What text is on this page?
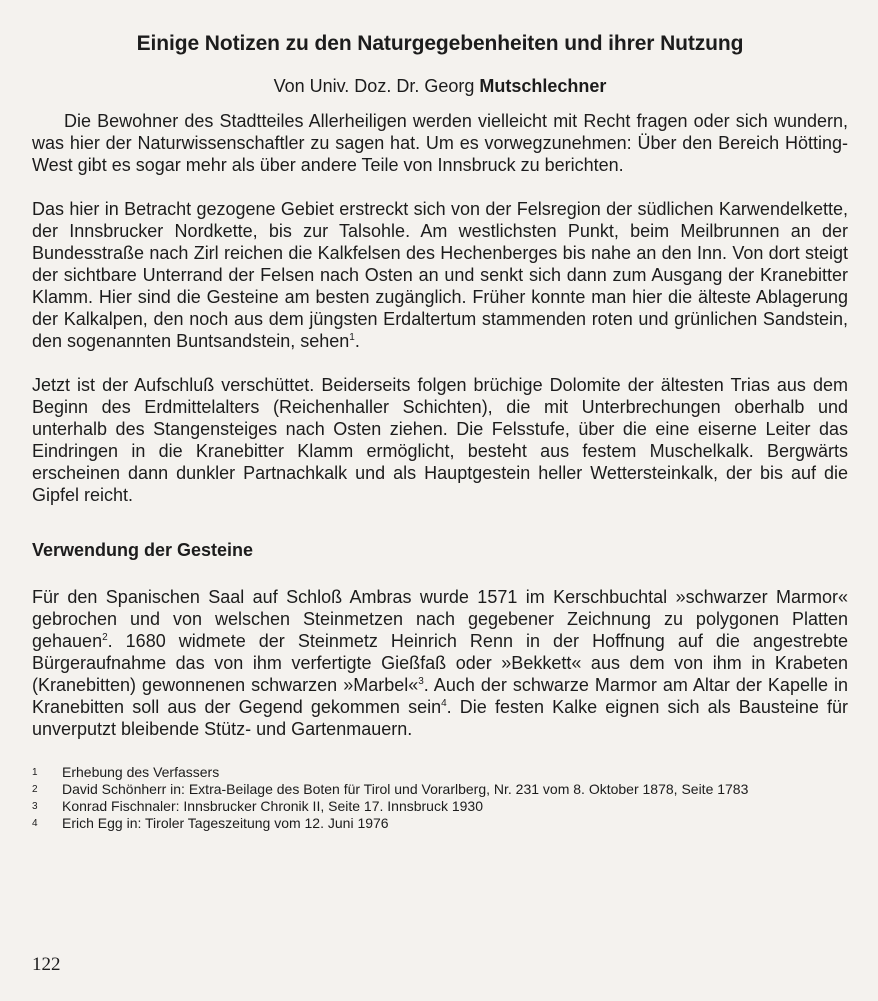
Einige Notizen zu den Naturgegebenheiten und ihrer Nutzung
Von Univ. Doz. Dr. Georg Mutschlechner

Die Bewohner des Stadtteiles Allerheiligen werden vielleicht mit Recht fragen oder sich wundern, was hier der Naturwissenschaftler zu sagen hat. Um es vorwegzunehmen: Über den Bereich Hötting-West gibt es sogar mehr als über andere Teile von Innsbruck zu berichten.

Das hier in Betracht gezogene Gebiet erstreckt sich von der Felsregion der südlichen Karwendelkette, der Innsbrucker Nordkette, bis zur Talsohle. Am westlichsten Punkt, beim Meilbrunnen an der Bundesstraße nach Zirl reichen die Kalkfelsen des Hechenberges bis nahe an den Inn. Von dort steigt der sichtbare Unterrand der Felsen nach Osten an und senkt sich dann zum Ausgang der Kranebitter Klamm. Hier sind die Gesteine am besten zugänglich. Früher konnte man hier die älteste Ablagerung der Kalkalpen, den noch aus dem jüngsten Erdaltertum stammenden roten und grünlichen Sandstein, den sogenannten Buntsandstein, sehen$^1$.

Jetzt ist der Aufschluß verschüttet. Beiderseits folgen brüchige Dolomite der ältesten Trias aus dem Beginn des Erdmittelalters (Reichenhaller Schichten), die mit Unterbrechungen oberhalb und unterhalb des Stangensteiges nach Osten ziehen. Die Felsstufe, über die eine eiserne Leiter das Eindringen in die Kranebitter Klamm ermöglicht, besteht aus festem Muschelkalk. Bergwärts erscheinen dann dunkler Partnachkalk und als Hauptgestein heller Wettersteinkalk, der bis auf die Gipfel reicht.

Verwendung der Gesteine

Für den Spanischen Saal auf Schloß Ambras wurde 1571 im Kerschbuchtal »schwarzer Marmor« gebrochen und von welschen Steinmetzen nach gegebener Zeichnung zu polygonen Platten gehauen$^2$. 1680 widmete der Steinmetz Heinrich Renn in der Hoffnung auf die angestrebte Bürgeraufnahme das von ihm verfertigte Gießfaß oder »Bekkett« aus dem von ihm in Krabeten (Kranebitten) gewonnenen schwarzen »Marbel«$^3$. Auch der schwarze Marmor am Altar der Kapelle in Kranebitten soll aus der Gegend gekommen sein$^4$. Die festen Kalke eignen sich als Bausteine für unverputzt bleibende Stütz- und Gartenmauern.

1	Erhebung des Verfassers
2	David Schönherr in: Extra-Beilage des Boten für Tirol und Vorarlberg, Nr. 231 vom 8. Oktober 1878, Seite 1783
3	Konrad Fischnaler: Innsbrucker Chronik II, Seite 17. Innsbruck 1930
4	Erich Egg in: Tiroler Tageszeitung vom 12. Juni 1976
122
